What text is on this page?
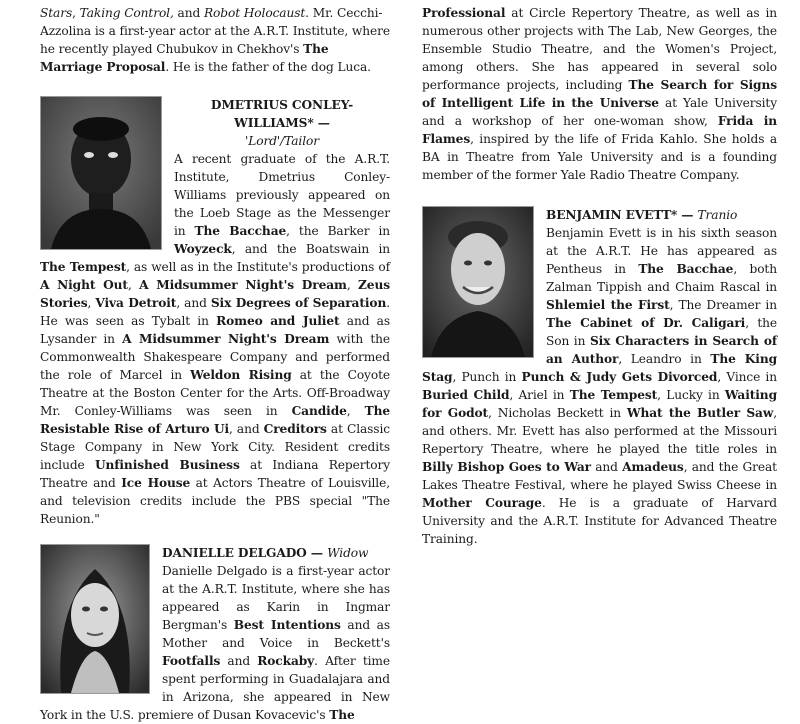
Stars, Taking Control, and Robot Holocaust. Mr. Cecchi-Azzolina is a first-year actor at the A.R.T. Institute, where he recently played Chubukov in Chekhov's The Marriage Proposal. He is the father of the dog Luca.

DMETRIUS CONLEY-WILLIAMS* —

'Lord'/Tailor

A recent graduate of the A.R.T. Institute, Dmetrius Conley-Williams previously appeared on the Loeb Stage as the Messenger in The Bacchae, the Barker in Woyzeck, and the Boatswain in The Tempest, as well as in the Institute's productions of A Night Out, A Midsummer Night's Dream, Zeus Stories, Viva Detroit, and Six Degrees of Separation. He was seen as Tybalt in Romeo and Juliet and as Lysander in A Midsummer Night's Dream with the Commonwealth Shakespeare Company and performed the role of Marcel in Weldon Rising at the Coyote Theatre at the Boston Center for the Arts. Off-Broadway Mr. Conley-Williams was seen in Candide, The Resistable Rise of Arturo Ui, and Creditors at Classic Stage Company in New York City. Resident credits include Unfinished Business at Indiana Repertory Theatre and Ice House at Actors Theatre of Louisville, and television credits include the PBS special "The Reunion."

DANIELLE DELGADO — Widow

Danielle Delgado is a first-year actor at the A.R.T. Institute, where she has appeared as Karin in Ingmar Bergman's Best Intentions and as Mother and Voice in Beckett's Footfalls and Rockaby. After time spent performing in Guadalajara and in Arizona, she appeared in New York in the U.S. premiere of Dusan Kovacevic's The

Professional at Circle Repertory Theatre, as well as in numerous other projects with The Lab, New Georges, the Ensemble Studio Theatre, and the Women's Project, among others. She has appeared in several solo performance projects, including The Search for Signs of Intelligent Life in the Universe at Yale University and a workshop of her one-woman show, Frida in Flames, inspired by the life of Frida Kahlo. She holds a BA in Theatre from Yale University and is a founding member of the former Yale Radio Theatre Company.

BENJAMIN EVETT* — Tranio

Benjamin Evett is in his sixth season at the A.R.T. He has appeared as Pentheus in The Bacchae, both Zalman Tippish and Chaim Rascal in Shlemiel the First, The Dreamer in The Cabinet of Dr. Caligari, the Son in Six Characters in Search of an Author, Leandro in The King Stag, Punch in Punch & Judy Gets Divorced, Vince in Buried Child, Ariel in The Tempest, Lucky in Waiting for Godot, Nicholas Beckett in What the Butler Saw, and others. Mr. Evett has also performed at the Missouri Repertory Theatre, where he played the title roles in Billy Bishop Goes to War and Amadeus, and the Great Lakes Theatre Festival, where he played Swiss Cheese in Mother Courage. He is a graduate of Harvard University and the A.R.T. Institute for Advanced Theatre Training.
